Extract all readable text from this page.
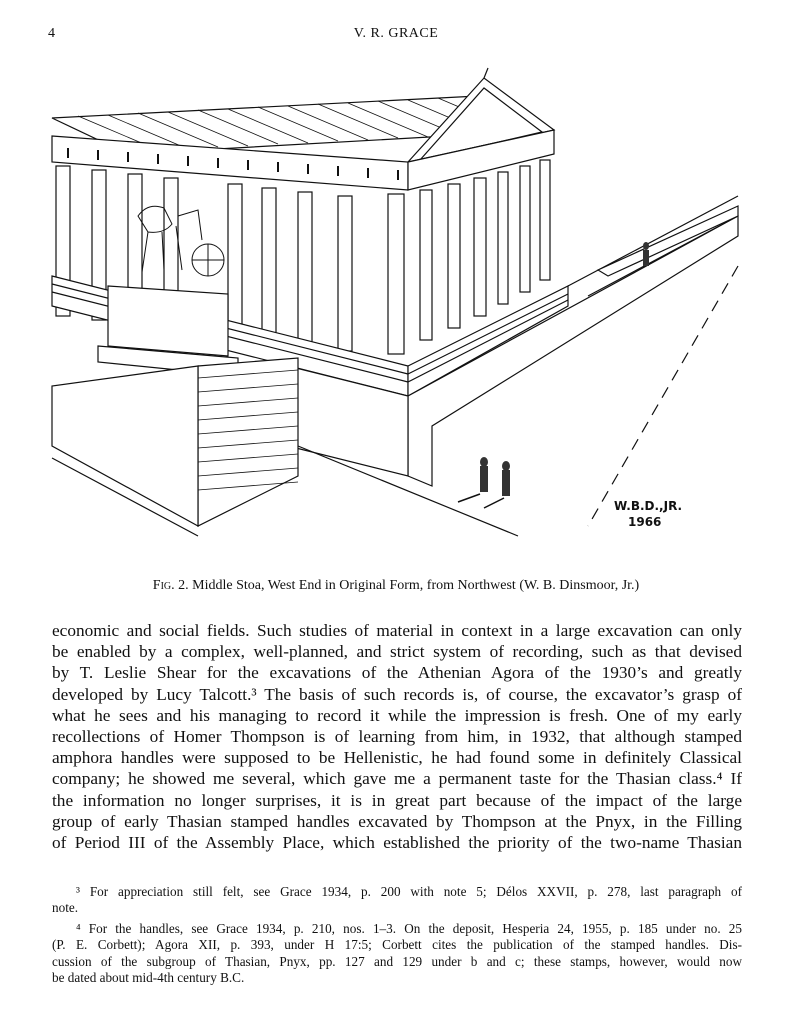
4	V. R. GRACE
W.B.D.,JR.
1966
Fig. 2. Middle Stoa, West End in Original Form, from Northwest (W. B. Dinsmoor, Jr.)
economic and social fields. Such studies of material in context in a large excavation can only
be enabled by a complex, well-planned, and strict system of recording, such as that devised
by T. Leslie Shear for the excavations of the Athenian Agora of the 1930’s and greatly
developed by Lucy Talcott.³ The basis of such records is, of course, the excavator’s grasp of
what he sees and his managing to record it while the impression is fresh. One of my early
recollections of Homer Thompson is of learning from him, in 1932, that although stamped
amphora handles were supposed to be Hellenistic, he had found some in definitely Classical
company; he showed me several, which gave me a permanent taste for the Thasian class.⁴ If
the information no longer surprises, it is in great part because of the impact of the large
group of early Thasian stamped handles excavated by Thompson at the Pnyx, in the Filling
of Period III of the Assembly Place, which established the priority of the two-name Thasian
³ For appreciation still felt, see Grace 1934, p. 200 with note 5; Délos XXVII, p. 278, last paragraph of
note.
⁴ For the handles, see Grace 1934, p. 210, nos. 1–3. On the deposit, Hesperia 24, 1955, p. 185 under no. 25
(P. E. Corbett); Agora XII, p. 393, under H 17:5; Corbett cites the publication of the stamped handles. Dis-
cussion of the subgroup of Thasian, Pnyx, pp. 127 and 129 under b and c; these stamps, however, would now
be dated about mid-4th century B.C.
